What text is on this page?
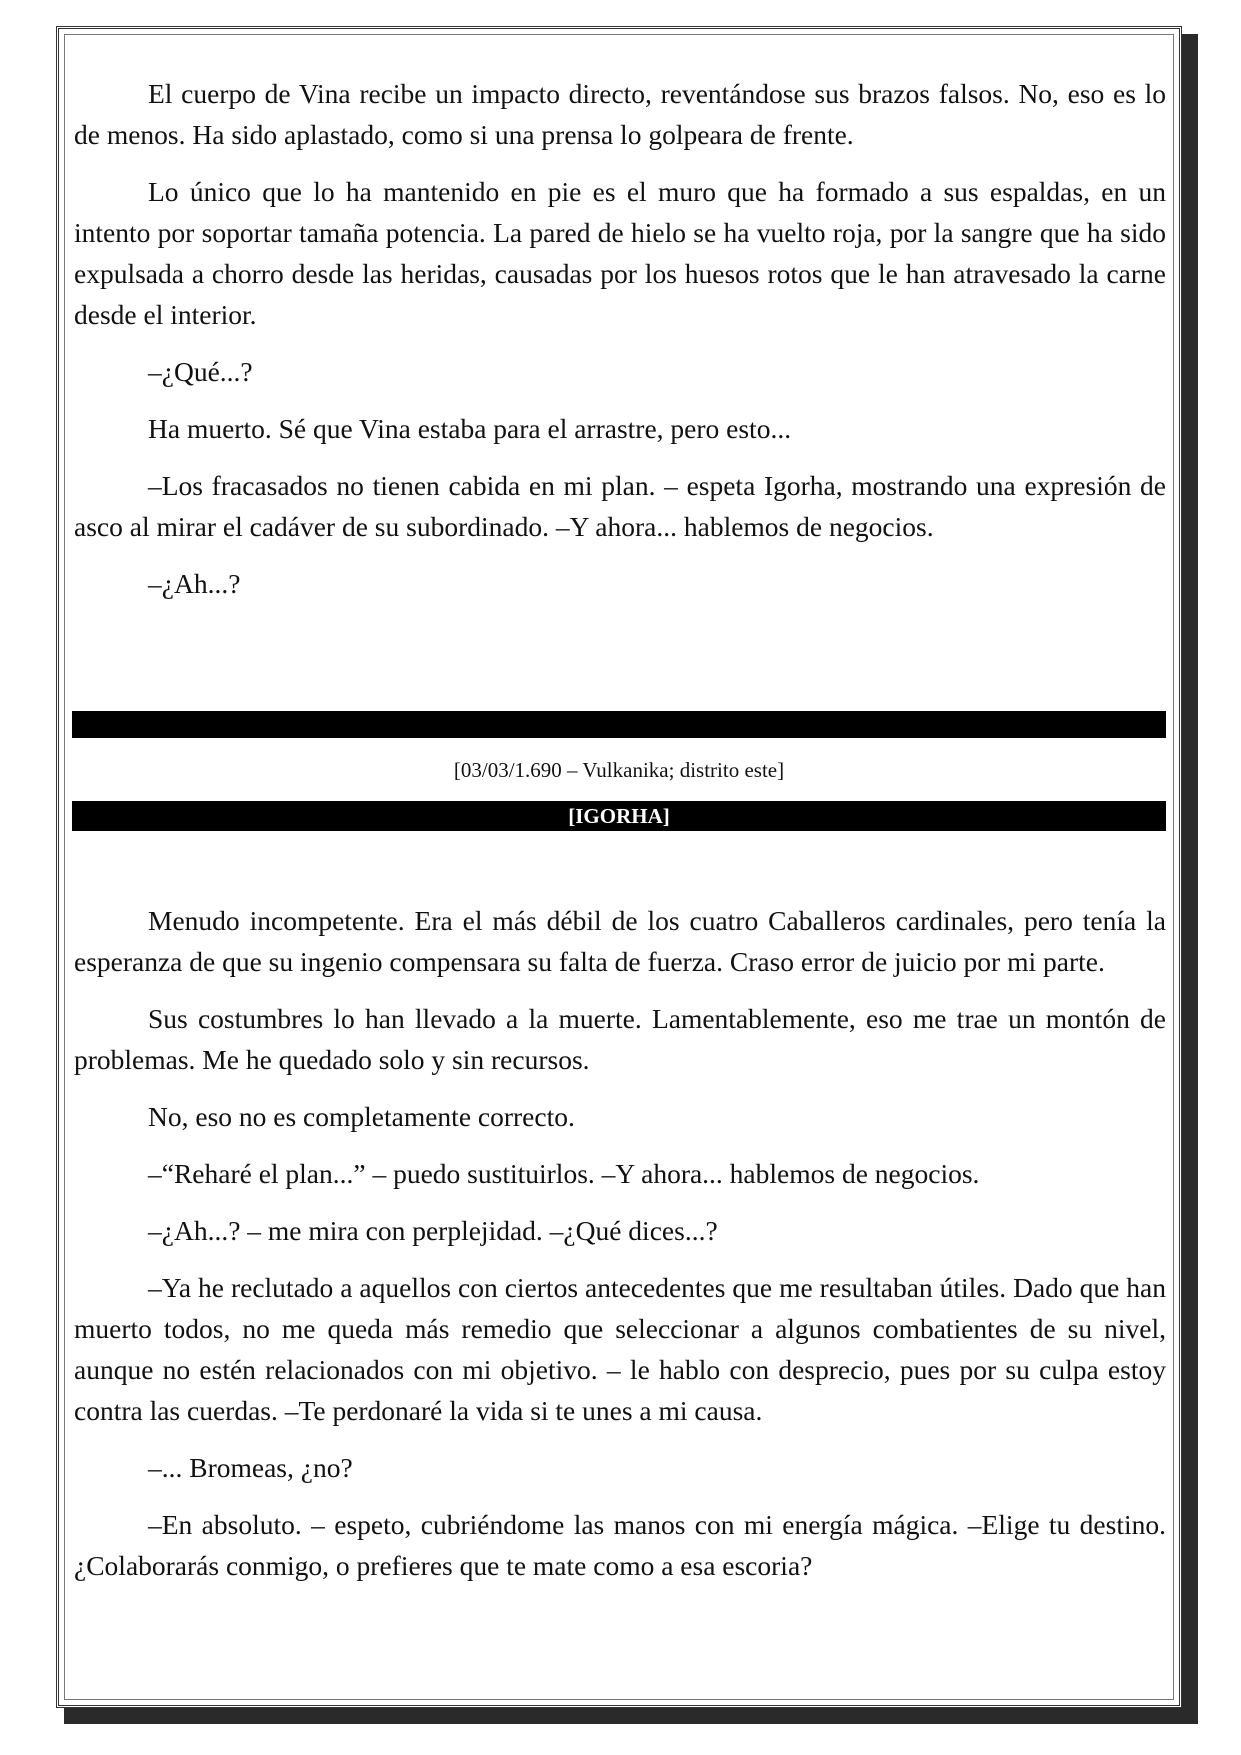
El cuerpo de Vina recibe un impacto directo, reventándose sus brazos falsos. No, eso es lo de menos. Ha sido aplastado, como si una prensa lo golpeara de frente.

Lo único que lo ha mantenido en pie es el muro que ha formado a sus espaldas, en un intento por soportar tamaña potencia. La pared de hielo se ha vuelto roja, por la sangre que ha sido expulsada a chorro desde las heridas, causadas por los huesos rotos que le han atravesado la carne desde el interior.

–¿Qué...?

Ha muerto. Sé que Vina estaba para el arrastre, pero esto...

–Los fracasados no tienen cabida en mi plan. – espeta Igorha, mostrando una expresión de asco al mirar el cadáver de su subordinado. –Y ahora... hablemos de negocios.

–¿Ah...?

[03/03/1.690 – Vulkanika; distrito este]
[IGORHA]

Menudo incompetente. Era el más débil de los cuatro Caballeros cardinales, pero tenía la esperanza de que su ingenio compensara su falta de fuerza. Craso error de juicio por mi parte.

Sus costumbres lo han llevado a la muerte. Lamentablemente, eso me trae un montón de problemas. Me he quedado solo y sin recursos.

No, eso no es completamente correcto.

–“Reharé el plan...” – puedo sustituirlos. –Y ahora... hablemos de negocios.

–¿Ah...? – me mira con perplejidad. –¿Qué dices...?

–Ya he reclutado a aquellos con ciertos antecedentes que me resultaban útiles. Dado que han muerto todos, no me queda más remedio que seleccionar a algunos combatientes de su nivel, aunque no estén relacionados con mi objetivo. – le hablo con desprecio, pues por su culpa estoy contra las cuerdas. –Te perdonaré la vida si te unes a mi causa.

–... Bromeas, ¿no?

–En absoluto. – espeto, cubriéndome las manos con mi energía mágica. –Elige tu destino. ¿Colaborarás conmigo, o prefieres que te mate como a esa escoria?
